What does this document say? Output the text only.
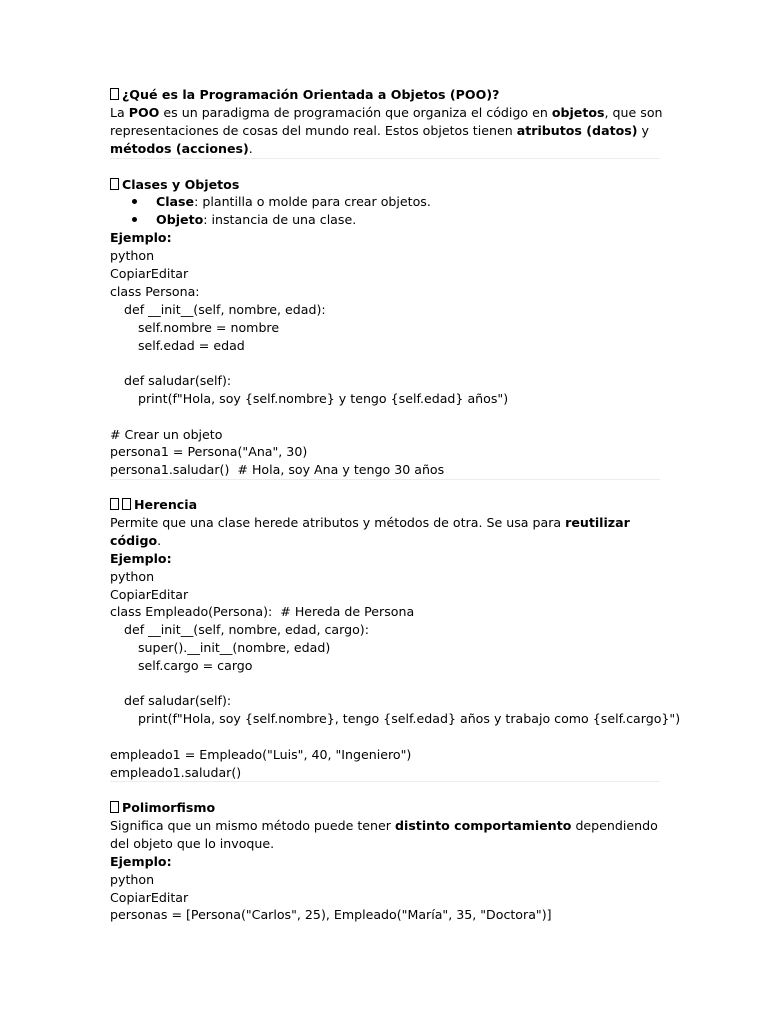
¿Qué es la Programación Orientada a Objetos (POO)?
La POO es un paradigma de programación que organiza el código en objetos, que son
representaciones de cosas del mundo real. Estos objetos tienen atributos (datos) y
métodos (acciones).
Clases y Objetos
Clase: plantilla o molde para crear objetos.
Objeto: instancia de una clase.
Ejemplo:
python
CopiarEditar
class Persona:
def __init__(self, nombre, edad):
self.nombre = nombre
self.edad = edad
def saludar(self):
print(f"Hola, soy {self.nombre} y tengo {self.edad} años")
# Crear un objeto
persona1 = Persona("Ana", 30)
persona1.saludar()  # Hola, soy Ana y tengo 30 años
Herencia
Permite que una clase herede atributos y métodos de otra. Se usa para reutilizar
código.
Ejemplo:
python
CopiarEditar
class Empleado(Persona):  # Hereda de Persona
def __init__(self, nombre, edad, cargo):
super().__init__(nombre, edad)
self.cargo = cargo
def saludar(self):
print(f"Hola, soy {self.nombre}, tengo {self.edad} años y trabajo como {self.cargo}")
empleado1 = Empleado("Luis", 40, "Ingeniero")
empleado1.saludar()
Polimorfismo
Significa que un mismo método puede tener distinto comportamiento dependiendo
del objeto que lo invoque.
Ejemplo:
python
CopiarEditar
personas = [Persona("Carlos", 25), Empleado("María", 35, "Doctora")]
